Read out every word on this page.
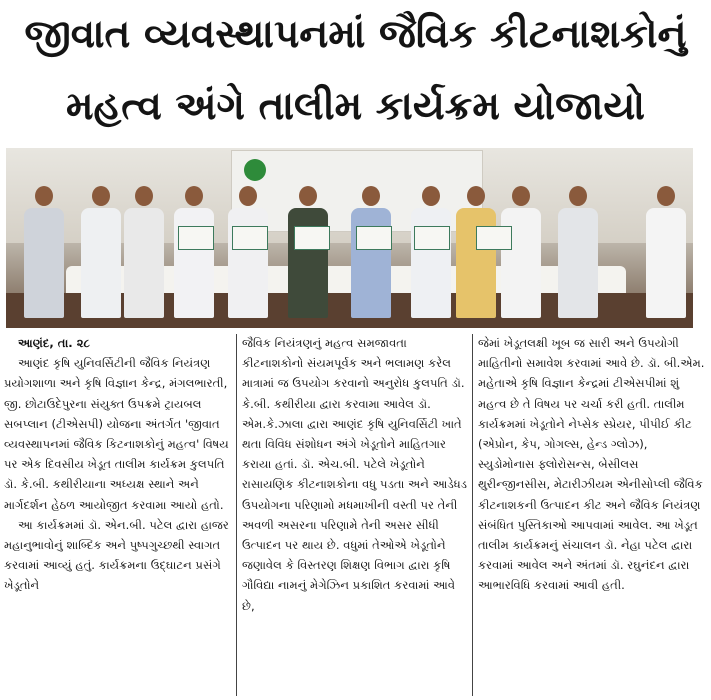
જીવાત વ્યવસ્થાપનમાં જૈવિક કીટનાશકોનું
મહત્વ અંગે તાલીમ કાર્યક્રમ યોજાયો

આણંદ, તા. ૨૮

આણંદ કૃષિ યુનિવર્સિટીની જૈવિક નિયંત્રણ પ્રયોગશાળા અને કૃષિ વિજ્ઞાન કેન્દ્ર, મંગલભારતી, જી. છોટાઉદેપુરના સંયુક્ત ઉપક્રમે ટ્રાયબલ સબપ્લાન (ટીએસપી) યોજના અંતર્ગત 'જીવાત વ્યવસ્થાપનમાં જૈવિક કિટનાશકોનું મહત્વ' વિષય પર એક દિવસીય ખેડૂત તાલીમ કાર્યક્રમ કુલપતિ ડૉ. કે.બી. કથીરીયાના અધ્યક્ષ સ્થાને અને માર્ગદર્શન હેઠળ આયોજીત કરવામા આયો હતો.

આ કાર્યક્રમમાં ડૉ. એન.બી. પટેલ દ્વારા હાજર મહાનુભાવોનું શાબ્દિક અને પુષ્પગુચ્છથી સ્વાગત કરવામાં આવ્યું હતું. કાર્યક્રમના ઉદ્ઘાટન પ્રસંગે ખેડૂતોને

જૈવિક નિયંત્રણનું મહત્વ સમજાવતા કીટનાશકોનો સંયમપૂર્વક અને ભલામણ કરેલ માત્રામાં જ ઉપયોગ કરવાનો અનુરોધ કુલપતિ ડૉ. કે.બી. કથીરીયા દ્વારા કરવામા આવેલ ડૉ. એમ.કે.ઝાલા દ્વારા આણંદ કૃષિ યુનિવર્સિટી ખાતે થતા વિવિધ સંશોધન અંગે ખેડૂતોને માહિતગાર કરાયા હતાં. ડૉ. એચ.બી. પટેલે ખેડૂતોને રાસાયણિક કીટનાશકોના વધુ પડતા અને આડેધડ ઉપયોગના પરિણામો મધમાખીની વસ્તી પર તેની અવળી અસરના પરિણામે તેની અસર સીધી ઉત્પાદન પર થાય છે. વધુમાં તેઓએ ખેડૂતોને જણાવેલ કે વિસ્તરણ શિક્ષણ વિભાગ દ્વારા કૃષિ ગૌવિદ્યા નામનું મેગેઝિન પ્રકાશિત કરવામાં આવે છે,

જેમાં ખેડૂતલક્ષી ખૂબ જ સારી અને ઉપયોગી માહિતીનો સમાવેશ કરવામાં આવે છે. ડૉ. બી.એમ. મહેતાએ કૃષિ વિજ્ઞાન કેન્દ્રમાં ટીએસપીમાં શું મહત્વ છે તે વિષય પર ચર્ચા કરી હતી. તાલીમ કાર્યક્રમમાં ખેડૂતોને નેપ્સેક સ્પ્રેયર, પીપીઈ કીટ (એપ્રોન, કેપ, ગોગલ્સ, હેન્ડ ગ્લોઝ), સ્યુડોમોનાસ ફ્લોરોસન્સ, બેસીલસ થુરીન્જીનસીસ, મેટારીઝીયમ એનીસોપ્લી જૈવિક કીટનાશકની ઉત્પાદન કીટ અને જૈવિક નિયંત્રણ સંબંધિત પુસ્તિકાઓ આપવામાં આવેલ. આ ખેડૂત તાલીમ કાર્યક્રમનું સંચાલન ડૉ. નેહા પટેલ દ્વારા કરવામાં આવેલ અને અંતમાં ડૉ. રઘુનંદન દ્વારા આભારવિધિ કરવામાં આવી હતી.
